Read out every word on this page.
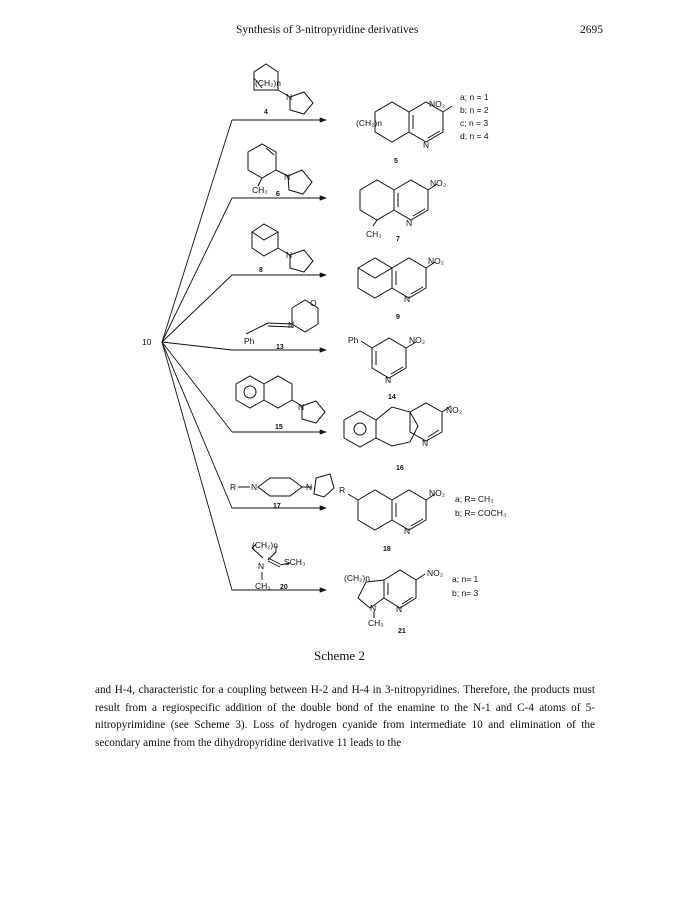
Synthesis of 3-nitropyridine derivatives	2695
10
(CH₂)n
N
4
(CH₂)n
N
NO₂
5
a; n = 1
b; n = 2
c; n = 3
d; n = 4
CH₃
N
6
CH₃
N
NO₂
7
N
8
N
NO₂
9
Ph
N
O
13
Ph
N
NO₂
14
N
15
N
NO₂
16
R N	N
17
R
N
NO₂
18
a; R= CH₃
b; R= COCH₃
(CH₂)n
N SCH₃
CH₃ 20
(CH₂)n
N N
NO₂
CH₃
21
a; n= 1
b; n= 3
Scheme 2

and H-4, characteristic for a coupling between H-2 and H-4 in 3-nitropyridines. Therefore, the products must result from a regiospecific addition of the double bond of the enamine to the N-1 and C-4 atoms of 5-nitropyrimidine (see Scheme 3). Loss of hydrogen cyanide from intermediate 10 and elimination of the secondary amine from the dihydropyridine derivative 11 leads to the
